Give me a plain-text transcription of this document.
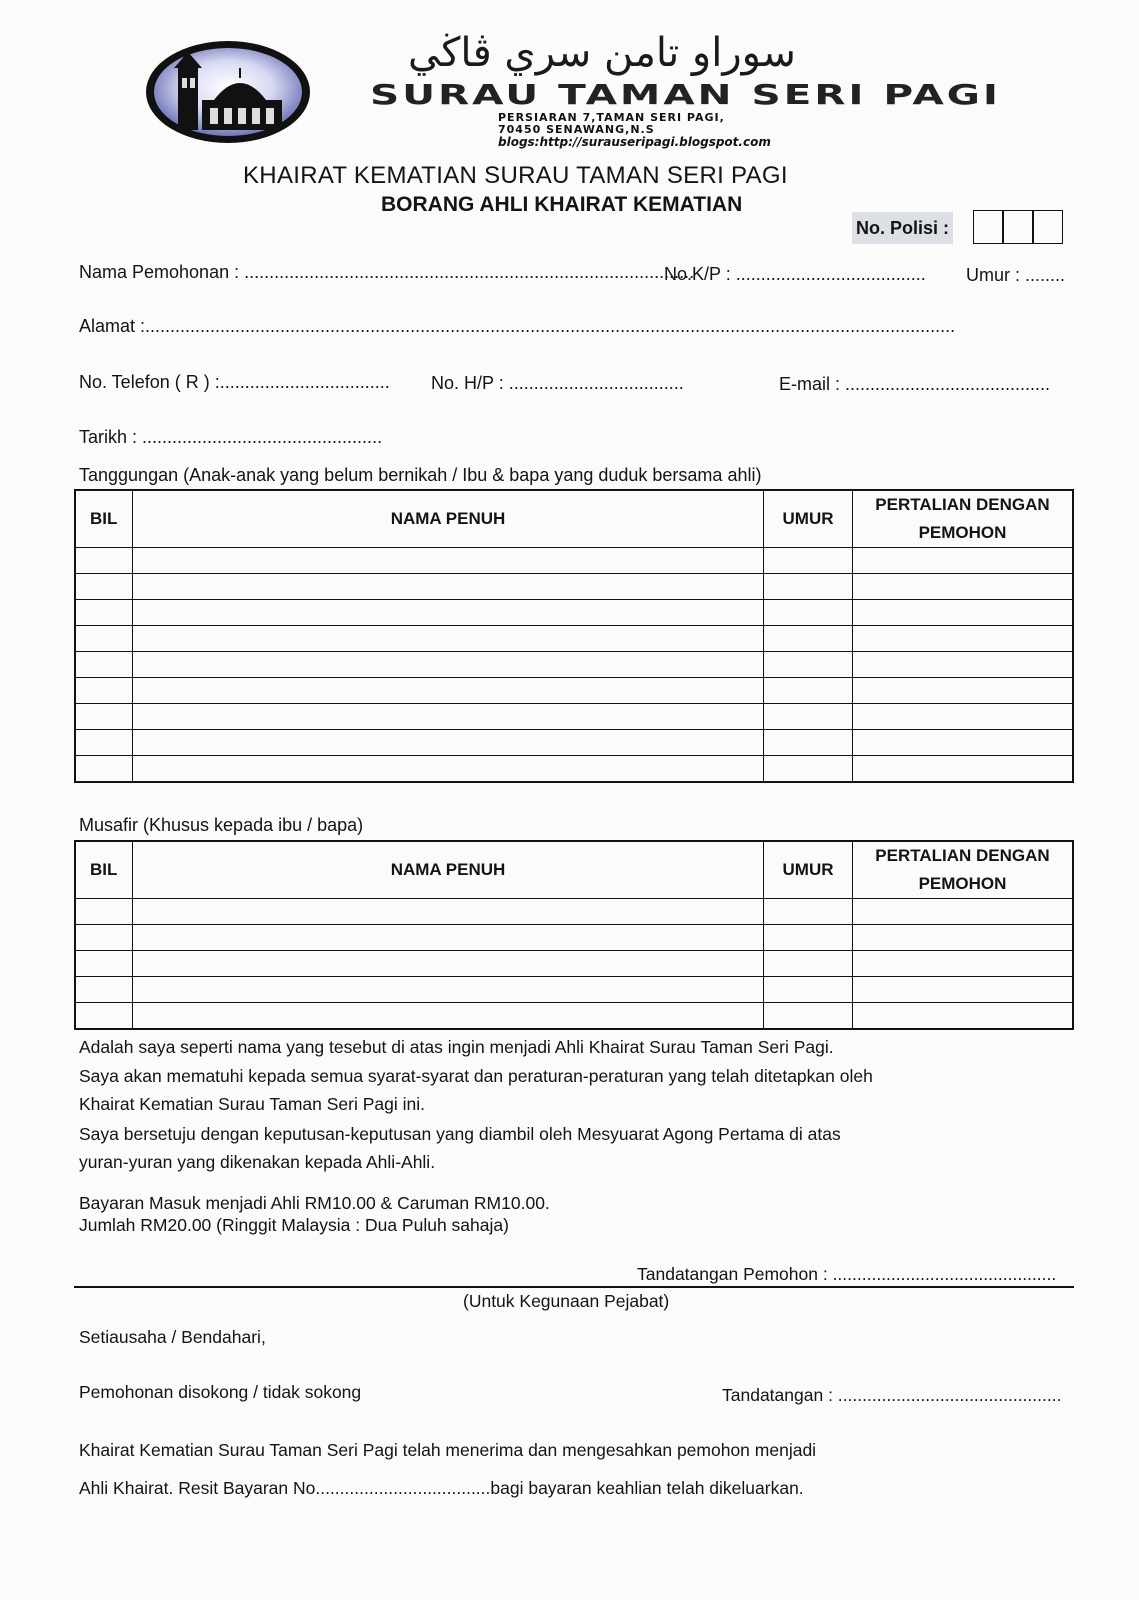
سوراو تامن سري ڤاڬي
SURAU TAMAN SERI PAGI
PERSIARAN 7,TAMAN SERI PAGI,
70450 SENAWANG,N.S
blogs:http://surauseripagi.blogspot.com
KHAIRAT KEMATIAN SURAU TAMAN SERI PAGI
BORANG AHLI KHAIRAT KEMATIAN
No. Polisi :
Nama Pemohonan : ..........................................................................................
No.K/P : ...................................... Umur : ........
Alamat :..................................................................................................................................................................
No. Telefon ( R ) :.................................. No. H/P : ...................................	E-mail : .........................................
Tarikh : ................................................
Tanggungan (Anak-anak yang belum bernikah / Ibu & bapa yang duduk bersama ahli)
BIL	NAMA PENUH	UMUR	PERTALIAN DENGAN PEMOHON

Musafir (Khusus kepada ibu / bapa)
BIL	NAMA PENUH	UMUR	PERTALIAN DENGAN PEMOHON

Adalah saya seperti nama yang tesebut di atas ingin menjadi Ahli Khairat Surau Taman Seri Pagi.
Saya akan mematuhi kepada semua syarat-syarat dan peraturan-peraturan yang telah ditetapkan oleh
Khairat Kematian Surau Taman Seri Pagi ini.
Saya bersetuju dengan keputusan-keputusan yang diambil oleh Mesyuarat Agong Pertama di atas
yuran-yuran yang dikenakan kepada Ahli-Ahli.
Bayaran Masuk menjadi Ahli RM10.00 & Caruman RM10.00.
Jumlah RM20.00 (Ringgit Malaysia : Dua Puluh sahaja)
Tandatangan Pemohon : ..............................................
(Untuk Kegunaan Pejabat)
Setiausaha / Bendahari,
Pemohonan disokong / tidak sokong	Tandatangan : ..............................................
Khairat Kematian Surau Taman Seri Pagi telah menerima dan mengesahkan pemohon menjadi
Ahli Khairat. Resit Bayaran No....................................bagi bayaran keahlian telah dikeluarkan.
